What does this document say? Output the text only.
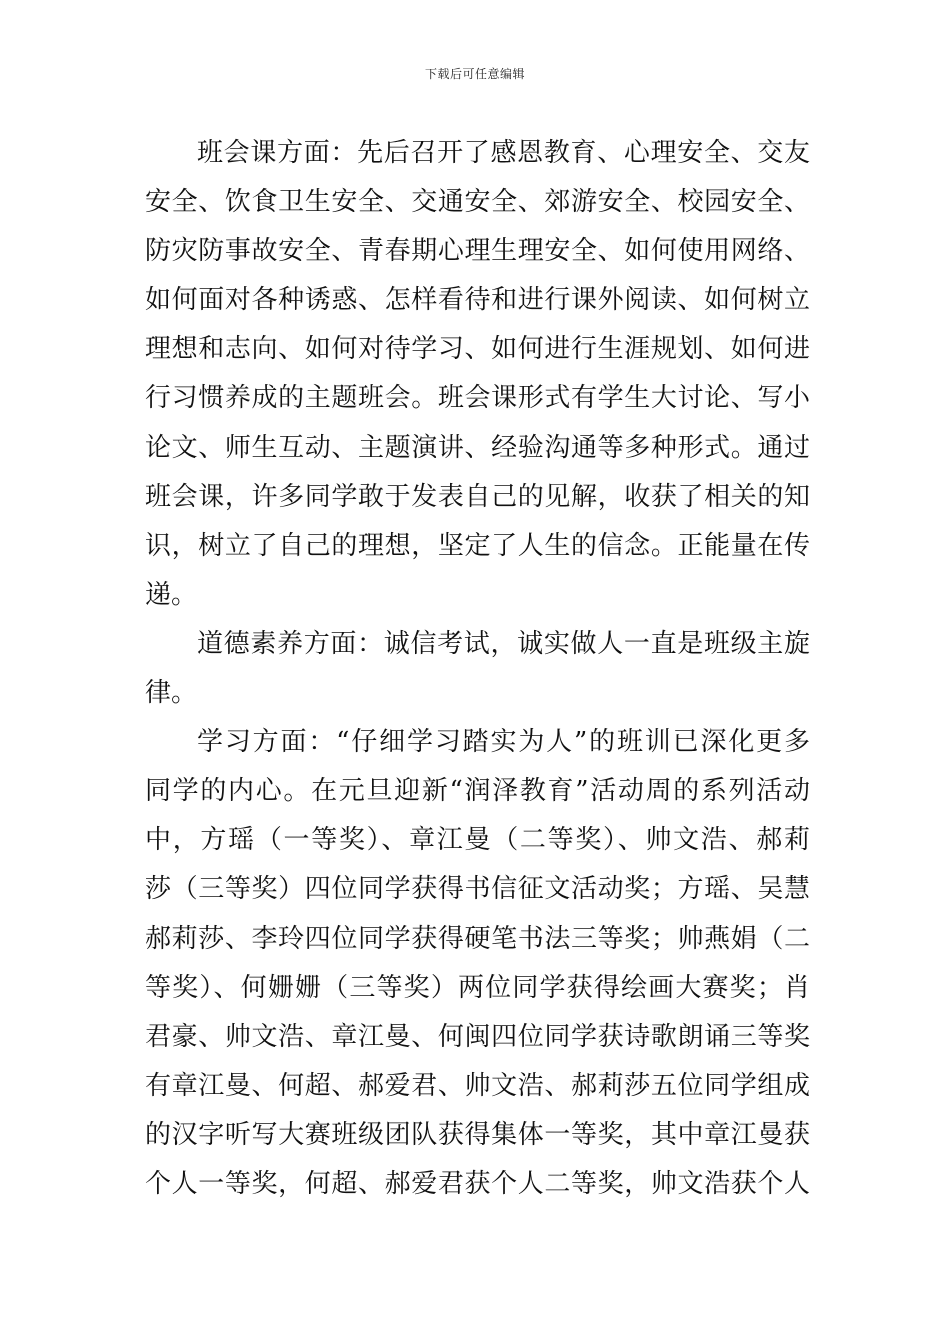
下载后可任意编辑
班会课方面：先后召开了感恩教育、心理安全、交友
安全、饮食卫生安全、交通安全、郊游安全、校园安全、
防灾防事故安全、青春期心理生理安全、如何使用网络、
如何面对各种诱惑、怎样看待和进行课外阅读、如何树立
理想和志向、如何对待学习、如何进行生涯规划、如何进
行习惯养成的主题班会。班会课形式有学生大讨论、写小
论文、师生互动、主题演讲、经验沟通等多种形式。通过
班会课，许多同学敢于发表自己的见解，收获了相关的知
识，树立了自己的理想，坚定了人生的信念。正能量在传
递。
道德素养方面：诚信考试，诚实做人一直是班级主旋
律。
学习方面：“仔细学习踏实为人”的班训已深化更多
同学的内心。在元旦迎新“润泽教育”活动周的系列活动
中，方瑶（一等奖）、章江曼（二等奖）、帅文浩、郝莉
莎（三等奖）四位同学获得书信征文活动奖；方瑶、吴慧
郝莉莎、李玲四位同学获得硬笔书法三等奖；帅燕娟（二
等奖）、何姗姗（三等奖）两位同学获得绘画大赛奖；肖
君豪、帅文浩、章江曼、何闽四位同学获诗歌朗诵三等奖
有章江曼、何超、郝爱君、帅文浩、郝莉莎五位同学组成
的汉字听写大赛班级团队获得集体一等奖，其中章江曼获
个人一等奖，何超、郝爱君获个人二等奖，帅文浩获个人
